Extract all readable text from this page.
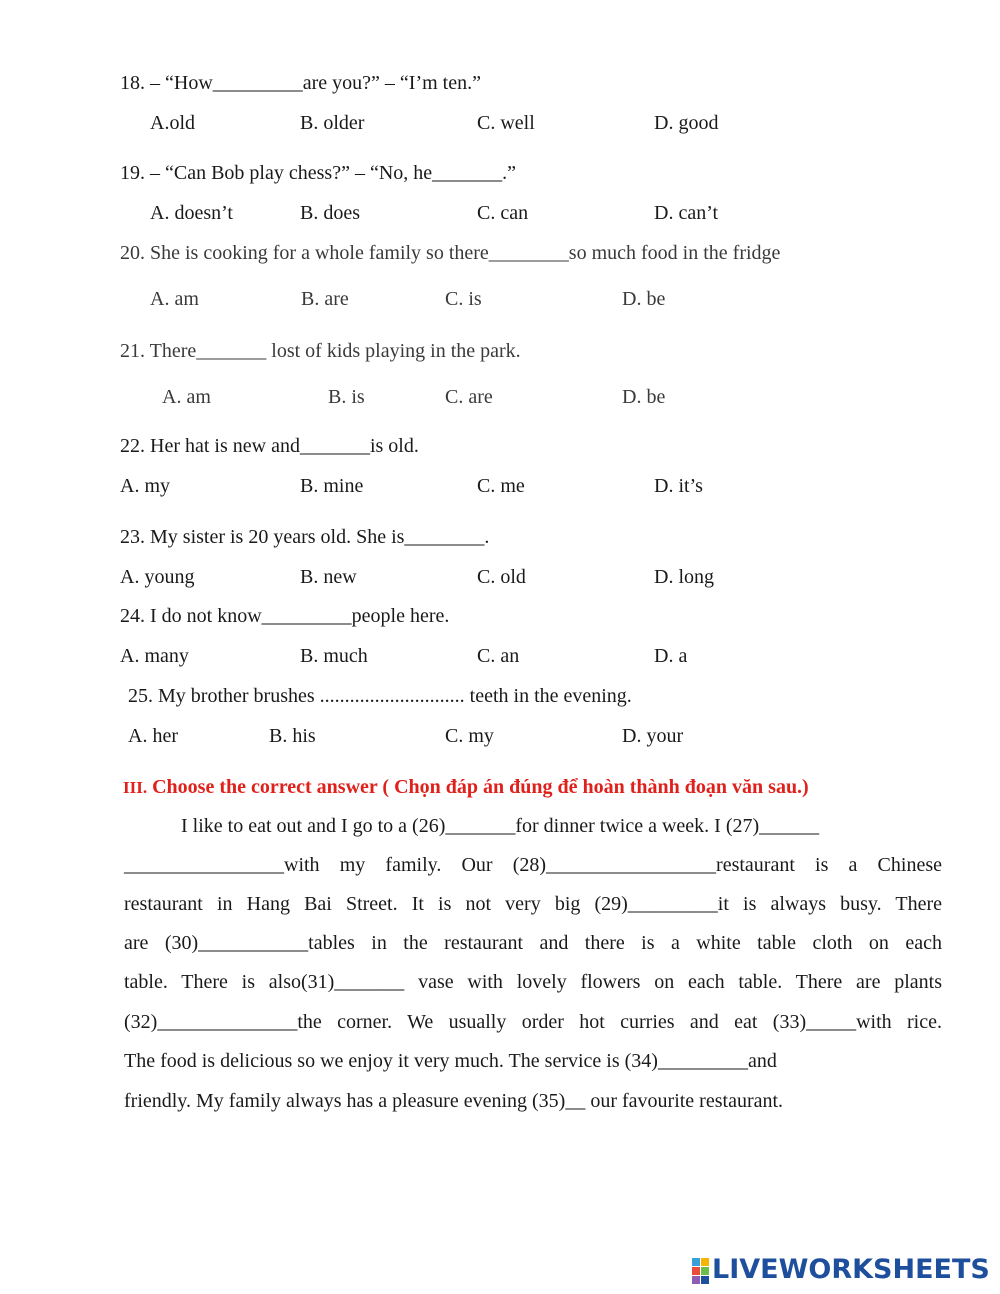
18. – “How_________are you?” – “I’m ten.”
A.old	B. older	C. well	D. good
19. – “Can Bob play chess?” – “No, he_______.”
A. doesn’t	B. does	C. can	D. can’t
20. She is cooking for a whole family so there________so much food in the fridge
A. am	B. are	C. is	D. be
21. There_______ lost of kids playing in the park.
A. am	B. is	C. are	D. be
22. Her hat is new and_______is old.
A. my	B. mine	C. me	D. it’s
23. My sister is 20 years old. She is________.
A. young	B. new	C. old	D. long
24. I do not know_________people here.
A. many	B. much	C. an	D. a
25. My brother brushes ............................. teeth in the evening.
A. her	B. his	C. my	D. your
III. Choose the correct answer ( Chọn đáp án đúng để hoàn thành đoạn văn sau.)
I like to eat out and I go to a (26)_______for dinner twice a week. I (27)______
________________with my family. Our (28)_________________restaurant is a Chinese
restaurant in Hang Bai Street. It is not very big (29)_________it is always busy. There
are (30)___________tables in the restaurant and there is a white table cloth on each
table. There is also(31)_______ vase with lovely flowers on each table. There are plants
(32)______________the corner. We usually order hot curries and eat (33)_____with rice.
The food is delicious so we enjoy it very much. The service is (34)_________and
friendly. My family always has a pleasure evening (35)__ our favourite restaurant.
LIVEWORKSHEETS
